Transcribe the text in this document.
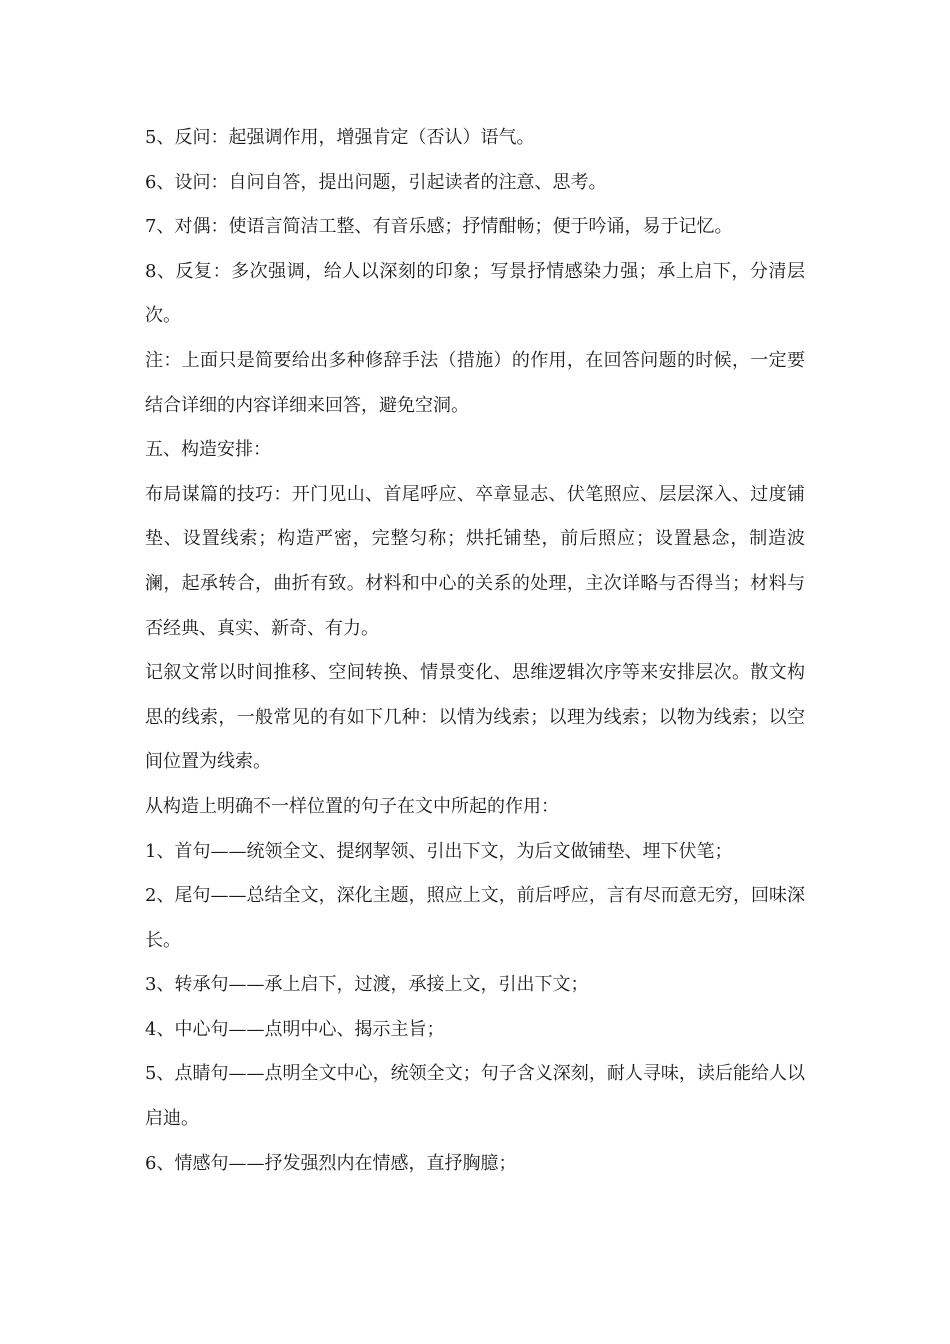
5、反问：起强调作用，增强肯定（否认）语气。

6、设问：自问自答，提出问题，引起读者的注意、思考。

7、对偶：使语言简洁工整、有音乐感；抒情酣畅；便于吟诵，易于记忆。

8、反复：多次强调，给人以深刻的印象；写景抒情感染力强；承上启下，分清层次。

注：上面只是简要给出多种修辞手法（措施）的作用，在回答问题的时候，一定要结合详细的内容详细来回答，避免空洞。

五、构造安排：

布局谋篇的技巧：开门见山、首尾呼应、卒章显志、伏笔照应、层层深入、过度铺垫、设置线索；构造严密，完整匀称；烘托铺垫，前后照应；设置悬念，制造波澜，起承转合，曲折有致。材料和中心的关系的处理，主次详略与否得当；材料与否经典、真实、新奇、有力。

记叙文常以时间推移、空间转换、情景变化、思维逻辑次序等来安排层次。散文构思的线索，一般常见的有如下几种：以情为线索；以理为线索；以物为线索；以空间位置为线索。

从构造上明确不一样位置的句子在文中所起的作用：

1、首句——统领全文、提纲挈领、引出下文，为后文做铺垫、埋下伏笔；

2、尾句——总结全文，深化主题，照应上文，前后呼应，言有尽而意无穷，回味深长。

3、转承句——承上启下，过渡，承接上文，引出下文；

4、中心句——点明中心、揭示主旨；

5、点睛句——点明全文中心，统领全文；句子含义深刻，耐人寻味，读后能给人以启迪。

6、情感句——抒发强烈内在情感，直抒胸臆；
